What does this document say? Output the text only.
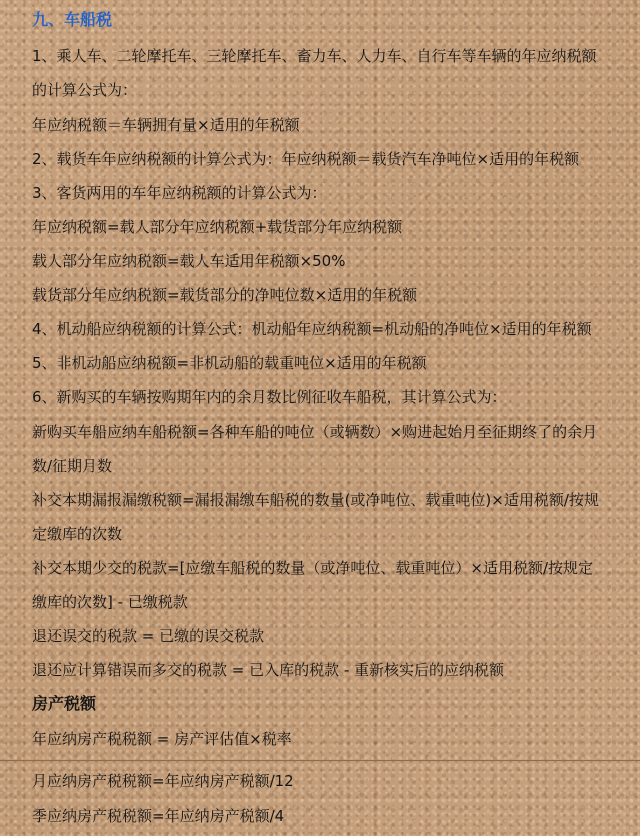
九、车船税
1、乘人车、二轮摩托车、三轮摩托车、畜力车、人力车、自行车等车辆的年应纳税额
的计算公式为：
年应纳税额＝车辆拥有量×适用的年税额
2、载货车年应纳税额的计算公式为：年应纳税额＝载货汽车净吨位×适用的年税额
3、客货两用的车年应纳税额的计算公式为：
年应纳税额=载人部分年应纳税额+载货部分年应纳税额
载人部分年应纳税额=载人车适用年税额×50%
载货部分年应纳税额=载货部分的净吨位数×适用的年税额
4、机动船应纳税额的计算公式：机动船年应纳税额=机动船的净吨位×适用的年税额
5、非机动船应纳税额=非机动船的载重吨位×适用的年税额
6、新购买的车辆按购期年内的余月数比例征收车船税，其计算公式为：
新购买车船应纳车船税额=各种车船的吨位（或辆数）×购进起始月至征期终了的余月
数/征期月数
补交本期漏报漏缴税额=漏报漏缴车船税的数量(或净吨位、载重吨位)×适用税额/按规
定缴库的次数
补交本期少交的税款=[应缴车船税的数量（或净吨位、载重吨位）×适用税额/按规定
缴库的次数] - 已缴税款
退还误交的税款 = 已缴的误交税款
退还应计算错误而多交的税款 = 已入库的税款 - 重新核实后的应纳税额
房产税额
年应纳房产税税额 = 房产评估值×税率
月应纳房产税税额=年应纳房产税额/12
季应纳房产税税额=年应纳房产税额/4
